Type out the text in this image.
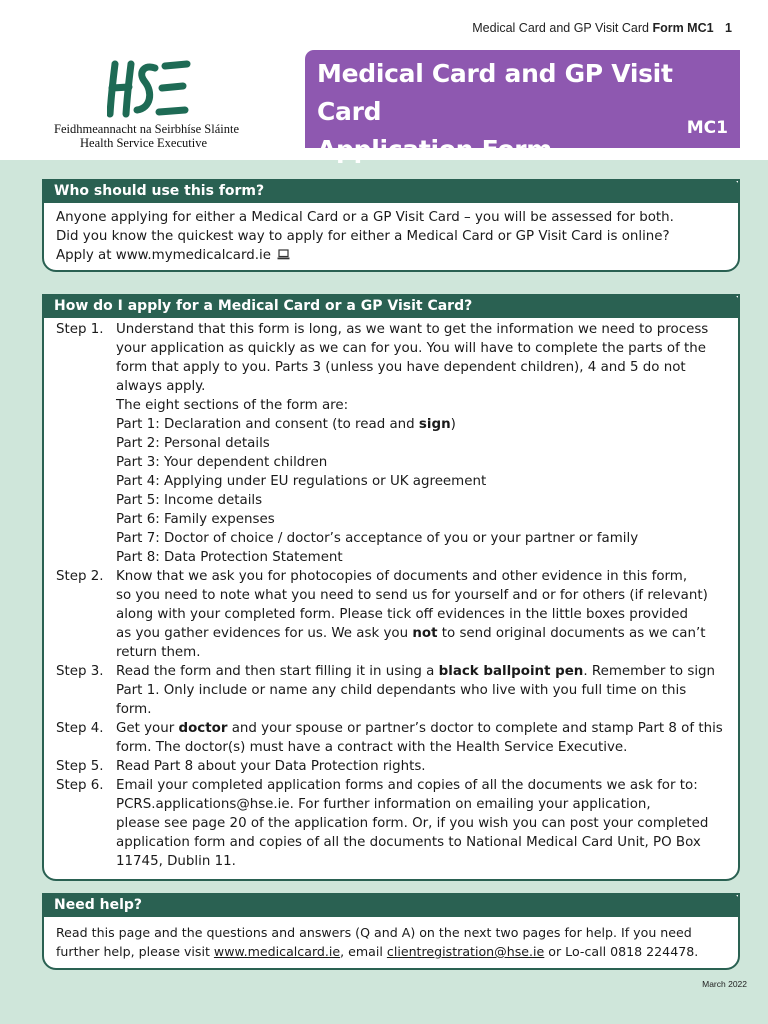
Medical Card and GP Visit Card Form MC1 1
Feidhmeannacht na Seirbhíse Sláinte
Health Service Executive
Medical Card and GP Visit Card
Application Form
MC1
Who should use this form?

Anyone applying for either a Medical Card or a GP Visit Card – you will be assessed for both.

Did you know the quickest way to apply for either a Medical Card or GP Visit Card is online?

Apply at www.mymedicalcard.ie

How do I apply for a Medical Card or a GP Visit Card?
Step 1. Understand that this form is long, as we want to get the information we need to process
your application as quickly as we can for you. You will have to complete the parts of the
form that apply to you. Parts 3 (unless you have dependent children), 4 and 5 do not
always apply.
The eight sections of the form are:
Part 1: Declaration and consent (to read and sign)
Part 2: Personal details
Part 3: Your dependent children
Part 4: Applying under EU regulations or UK agreement
Part 5: Income details
Part 6: Family expenses
Part 7: Doctor of choice / doctor’s acceptance of you or your partner or family
Part 8: Data Protection Statement
Step 2. Know that we ask you for photocopies of documents and other evidence in this form,
so you need to note what you need to send us for yourself and or for others (if relevant)
along with your completed form. Please tick off evidences in the little boxes provided
as you gather evidences for us. We ask you not to send original documents as we can’t
return them.
Step 3. Read the form and then start filling it in using a black ballpoint pen. Remember to sign
Part 1. Only include or name any child dependants who live with you full time on this
form.
Step 4. Get your doctor and your spouse or partner’s doctor to complete and stamp Part 8 of this
form. The doctor(s) must have a contract with the Health Service Executive.
Step 5. Read Part 8 about your Data Protection rights.
Step 6. Email your completed application forms and copies of all the documents we ask for to:
PCRS.applications@hse.ie. For further information on emailing your application,
please see page 20 of the application form. Or, if you wish you can post your completed
application form and copies of all the documents to National Medical Card Unit, PO Box
11745, Dublin 11.
Need help?

Read this page and the questions and answers (Q and A) on the next two pages for help. If you need

further help, please visit www.medicalcard.ie, email clientregistration@hse.ie or Lo-call 0818 224478.

March 2022
